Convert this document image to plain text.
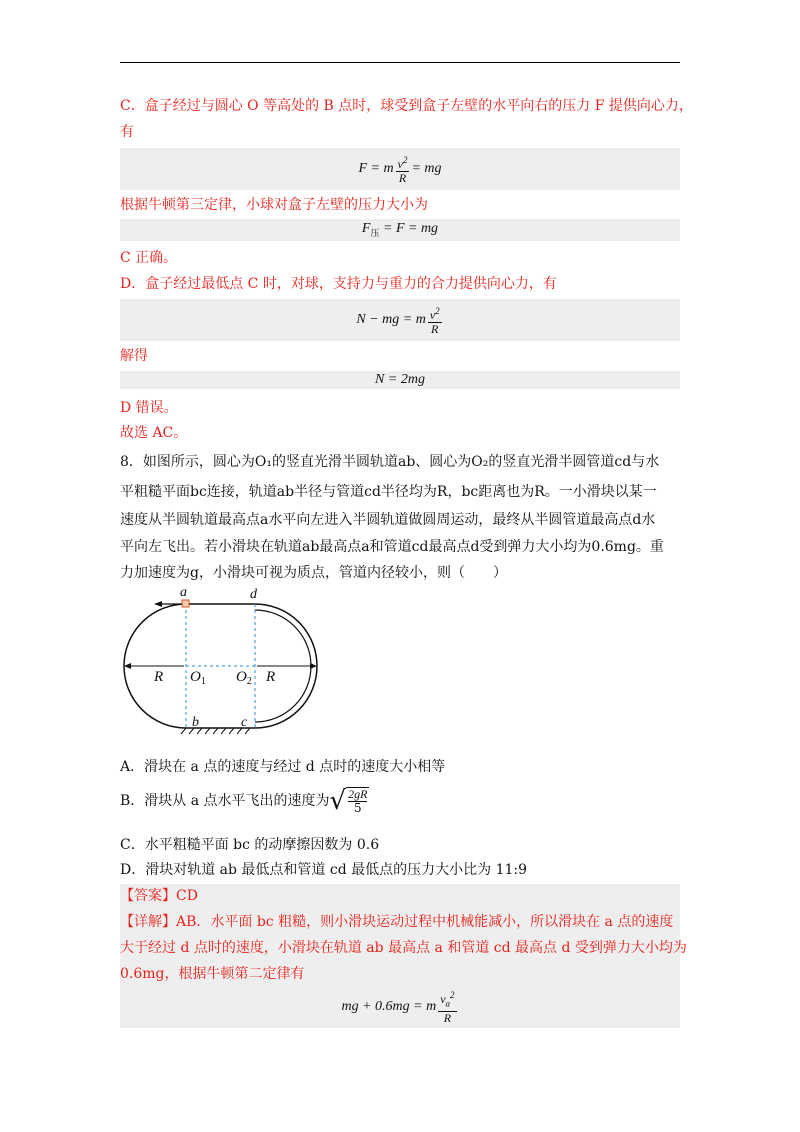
C．盒子经过与圆心 O 等高处的 B 点时，球受到盒子左壁的水平向右的压力 F 提供向心力，
有
F = m $\frac{v^2}{R}$ = mg
根据牛顿第三定律，小球对盒子左壁的压力大小为
$F_压 = F$ = mg
C 正确。
D．盒子经过最低点 C 时，对球，支持力与重力的合力提供向心力，有
N − mg = m $\frac{v^2}{R}$
解得
N = 2mg
D 错误。
故选 AC。
8．如图所示，圆心为O₁的竖直光滑半圆轨道ab、圆心为O₂的竖直光滑半圆管道cd与水
平粗糙平面bc连接，轨道ab半径与管道cd半径均为R，bc距离也为R。一小滑块以某一
速度从半圆轨道最高点a水平向左进入半圆轨道做圆周运动，最终从半圆管道最高点d水
平向左飞出。若小滑块在轨道ab最高点a和管道cd最高点d受到弹力大小均为0.6mg。重
力加速度为g，小滑块可视为质点，管道内径较小，则（　　）
a	d
b	c
R	R
$O_1$ $O_2$
A．滑块在 a 点的速度与经过 d 点时的速度大小相等
B．滑块从 a 点水平飞出的速度为 √ $\frac{2gR}{5}$
C．水平粗糙平面 bc 的动摩擦因数为 0.6
D．滑块对轨道 ab 最低点和管道 cd 最低点的压力大小比为 11:9
【答案】CD
【详解】AB．水平面 bc 粗糙，则小滑块运动过程中机械能减小，所以滑块在 a 点的速度
大于经过 d 点时的速度，小滑块在轨道 ab 最高点 a 和管道 cd 最高点 d 受到弹力大小均为
0.6mg，根据牛顿第二定律有
mg + 0.6mg = m $\frac{v_a^2}{R}$
